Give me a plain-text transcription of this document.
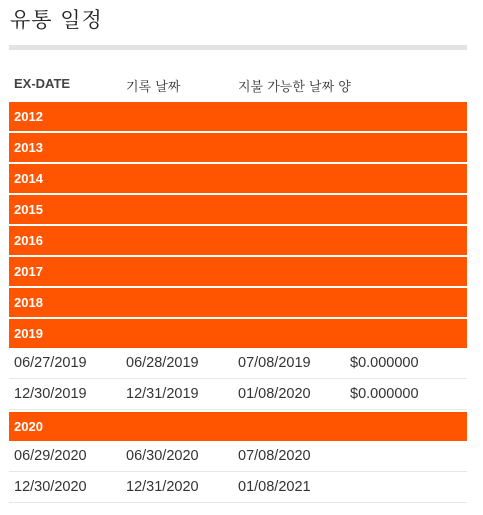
유통 일정
EX-DATE	기록 날짜	지불 가능한 날짜 양
2012
2013
2014
2015
2016
2017
2018
2019
06/27/2019	06/28/2019	07/08/2019	$0.000000
12/30/2019	12/31/2019	01/08/2020	$0.000000
2020
06/29/2020	06/30/2020	07/08/2020
12/30/2020	12/31/2020	01/08/2021
